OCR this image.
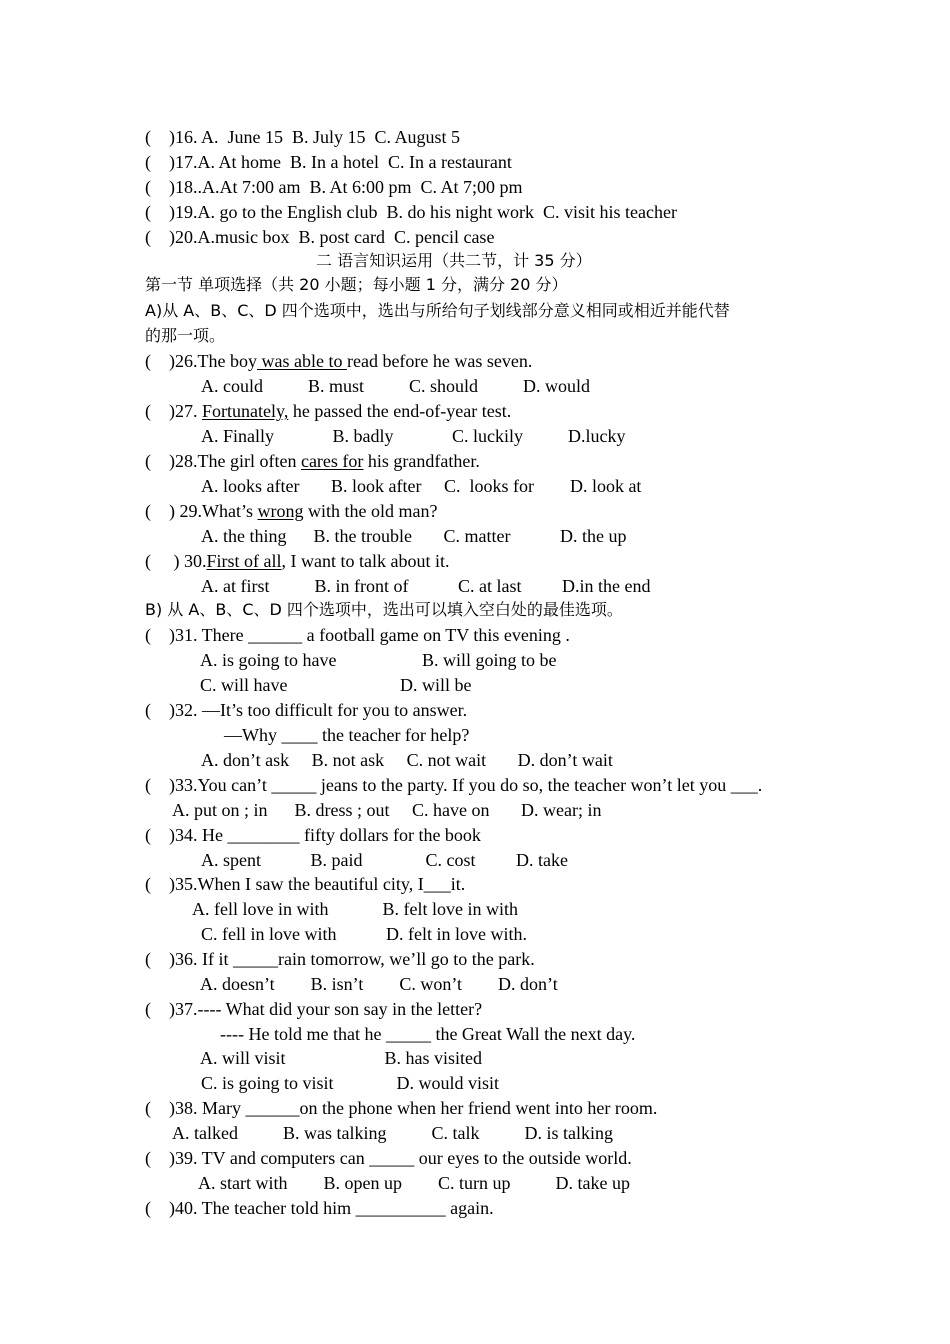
(    )16. A.  June 15  B. July 15  C. August 5
(    )17.A. At home  B. In a hotel  C. In a restaurant
(    )18..A.At 7:00 am  B. At 6:00 pm  C. At 7;00 pm
(    )19.A. go to the English club  B. do his night work  C. visit his teacher
(    )20.A.music box  B. post card  C. pencil case
二 语言知识运用（共二节，计 35 分）
第一节 单项选择（共 20 小题；每小题 1 分，满分 20 分）
A)从 A、B、C、D 四个选项中，选出与所给句子划线部分意义相同或相近并能代替
的那一项。
(    )26.The boy was able to read before he was seven.
A. could          B. must          C. should          D. would
(    )27. Fortunately, he passed the end-of-year test.
A. Finally             B. badly             C. luckily          D.lucky
(    )28.The girl often cares for his grandfather.
A. looks after       B. look after     C.  looks for        D. look at
(    ) 29.What’s wrong with the old man?
A. the thing      B. the trouble       C. matter           D. the up
(     ) 30.First of all, I want to talk about it.
A. at first          B. in front of           C. at last         D.in the end
B) 从 A、B、C、D 四个选项中，选出可以填入空白处的最佳选项。
(    )31. There ______ a football game on TV this evening .
A. is going to have                   B. will going to be
C. will have                         D. will be
(    )32. —It’s too difficult for you to answer.
—Why ____ the teacher for help?
A. don’t ask     B. not ask     C. not wait       D. don’t wait
(    )33.You can’t _____ jeans to the party. If you do so, the teacher won’t let you ___.
A. put on ; in      B. dress ; out     C. have on       D. wear; in
(    )34. He ________ fifty dollars for the book
A. spent           B. paid              C. cost         D. take
(    )35.When I saw the beautiful city, I___it.
A. fell love in with            B. felt love in with
C. fell in love with           D. felt in love with.
(    )36. If it _____rain tomorrow, we’ll go to the park.
A. doesn’t        B. isn’t        C. won’t        D. don’t
(    )37.---- What did your son say in the letter?
---- He told me that he _____ the Great Wall the next day.
A. will visit                      B. has visited
C. is going to visit              D. would visit
(    )38. Mary ______on the phone when her friend went into her room.
A. talked          B. was talking          C. talk          D. is talking
(    )39. TV and computers can _____ our eyes to the outside world.
A. start with        B. open up        C. turn up          D. take up
(    )40. The teacher told him __________ again.
